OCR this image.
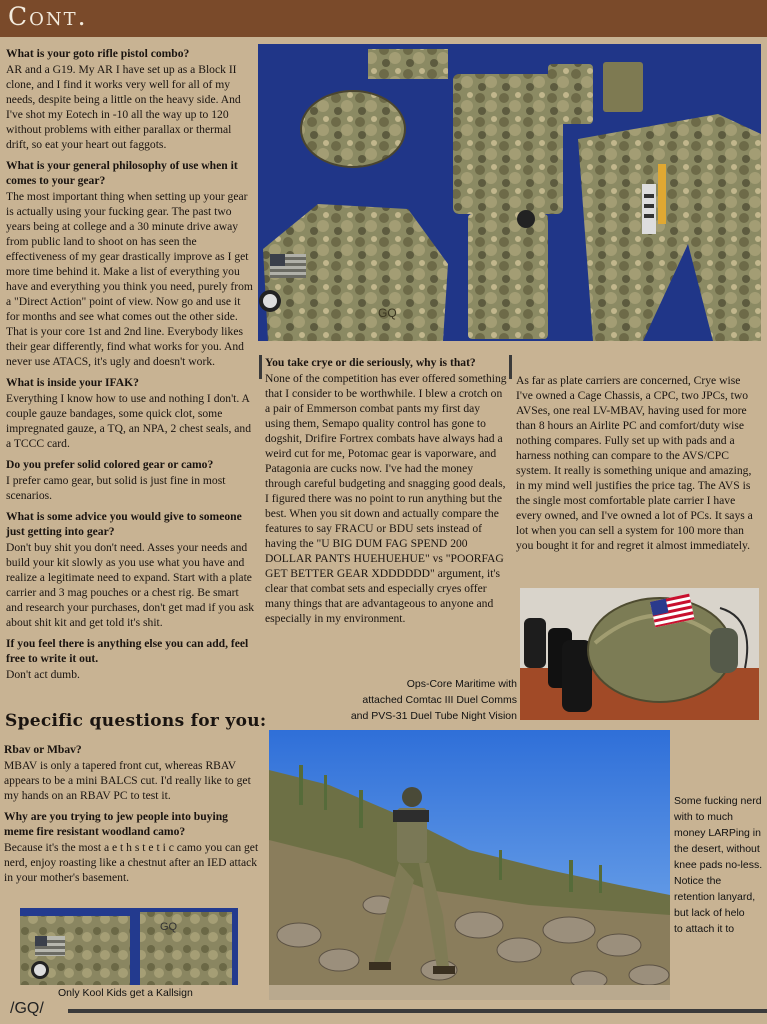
Cont.

What is your goto rifle pistol combo?

AR and a G19. My AR I have set up as a Block II clone, and I find it works very well for all of my needs, despite being a little on the heavy side. And I've shot my Eotech in -10 all the way up to 120 without problems with either parallax or thermal drift, so eat your heart out faggots.

What is your general philosophy of use when it comes to your gear?

The most important thing when setting up your gear is actually using your fucking gear. The past two years being at college and a 30 minute drive away from public land to shoot on has seen the effectiveness of my gear drastically improve as I get more time behind it. Make a list of everything you have and everything you think you need, purely from a "Direct Action" point of view. Now go and use it for months and see what comes out the other side. That is your core 1st and 2nd line. Everybody likes their gear differently, find what works for you. And never use ATACS, it's ugly and doesn't work.

What is inside your IFAK?

Everything I know how to use and nothing I don't. A couple gauze bandages, some quick clot, some impregnated gauze, a TQ, an NPA, 2 chest seals, and a TCCC card.

Do you prefer solid colored gear or camo?

I prefer camo gear, but solid is just fine in most scenarios.

What is some advice you would give to someone just getting into gear?

Don't buy shit you don't need. Asses your needs and build your kit slowly as you use what you have and realize a legitimate need to expand. Start with a plate carrier and 3 mag pouches or a chest rig. Be smart and research your purchases, don't get mad if you ask about shit kit and get told it's shit.

If you feel there is anything else you can add, feel free to write it out.

Don't act dumb.

Specific questions for you:

Rbav or Mbav?

MBAV is only a tapered front cut, whereas RBAV appears to be a mini BALCS cut. I'd really like to get my hands on an RBAV PC to test it.

Why are you trying to jew people into buying meme fire resistant woodland camo?

Because it's the most a e t h s t e t i c camo you can get nerd, enjoy roasting like a chestnut after an IED attack in your mother's basement.

GQ

You take crye or die seriously, why is that?

None of the competition has ever offered something that I consider to be worthwhile. I blew a crotch on a pair of Emmerson combat pants my first day using them, Semapo quality control has gone to dogshit, Drifire Fortrex combats have always had a weird cut for me, Potomac gear is vaporware, and Patagonia are cucks now. I've had the money through careful budgeting and snagging good deals, I figured there was no point to run anything but the best. When you sit down and actually compare the features to say FRACU or BDU sets instead of having the "U BIG DUM FAG SPEND 200 DOLLAR PANTS HUEHUEHUE" vs "POORFAG GET BETTER GEAR XDDDDDD" argument, it's clear that combat sets and especially cryes offer many things that are advantageous to anyone and especially in my environment.

As far as plate carriers are concerned, Crye wise I've owned a Cage Chassis, a CPC, two JPCs, two AVSes, one real LV-MBAV, having used for more than 8 hours an Airlite PC and comfort/duty wise nothing compares. Fully set up with pads and a harness nothing can compare to the AVS/CPC system. It really is something unique and amazing, in my mind well justifies the price tag. The AVS is the single most comfortable plate carrier I have every owned, and I've owned a lot of PCs. It says a lot when you can sell a system for 100 more than you bought it for and regret it almost immediately.

Ops-Core Maritime with
attached Comtac III Duel Comms
and PVS-31 Duel Tube Night Vision
Some fucking nerd
with to much
money LARPing in
the desert, without
knee pads no-less.
Notice the
retention lanyard,
but lack of helo
to attach it to
GQ
Only Kool Kids get a Kallsign
/GQ/
